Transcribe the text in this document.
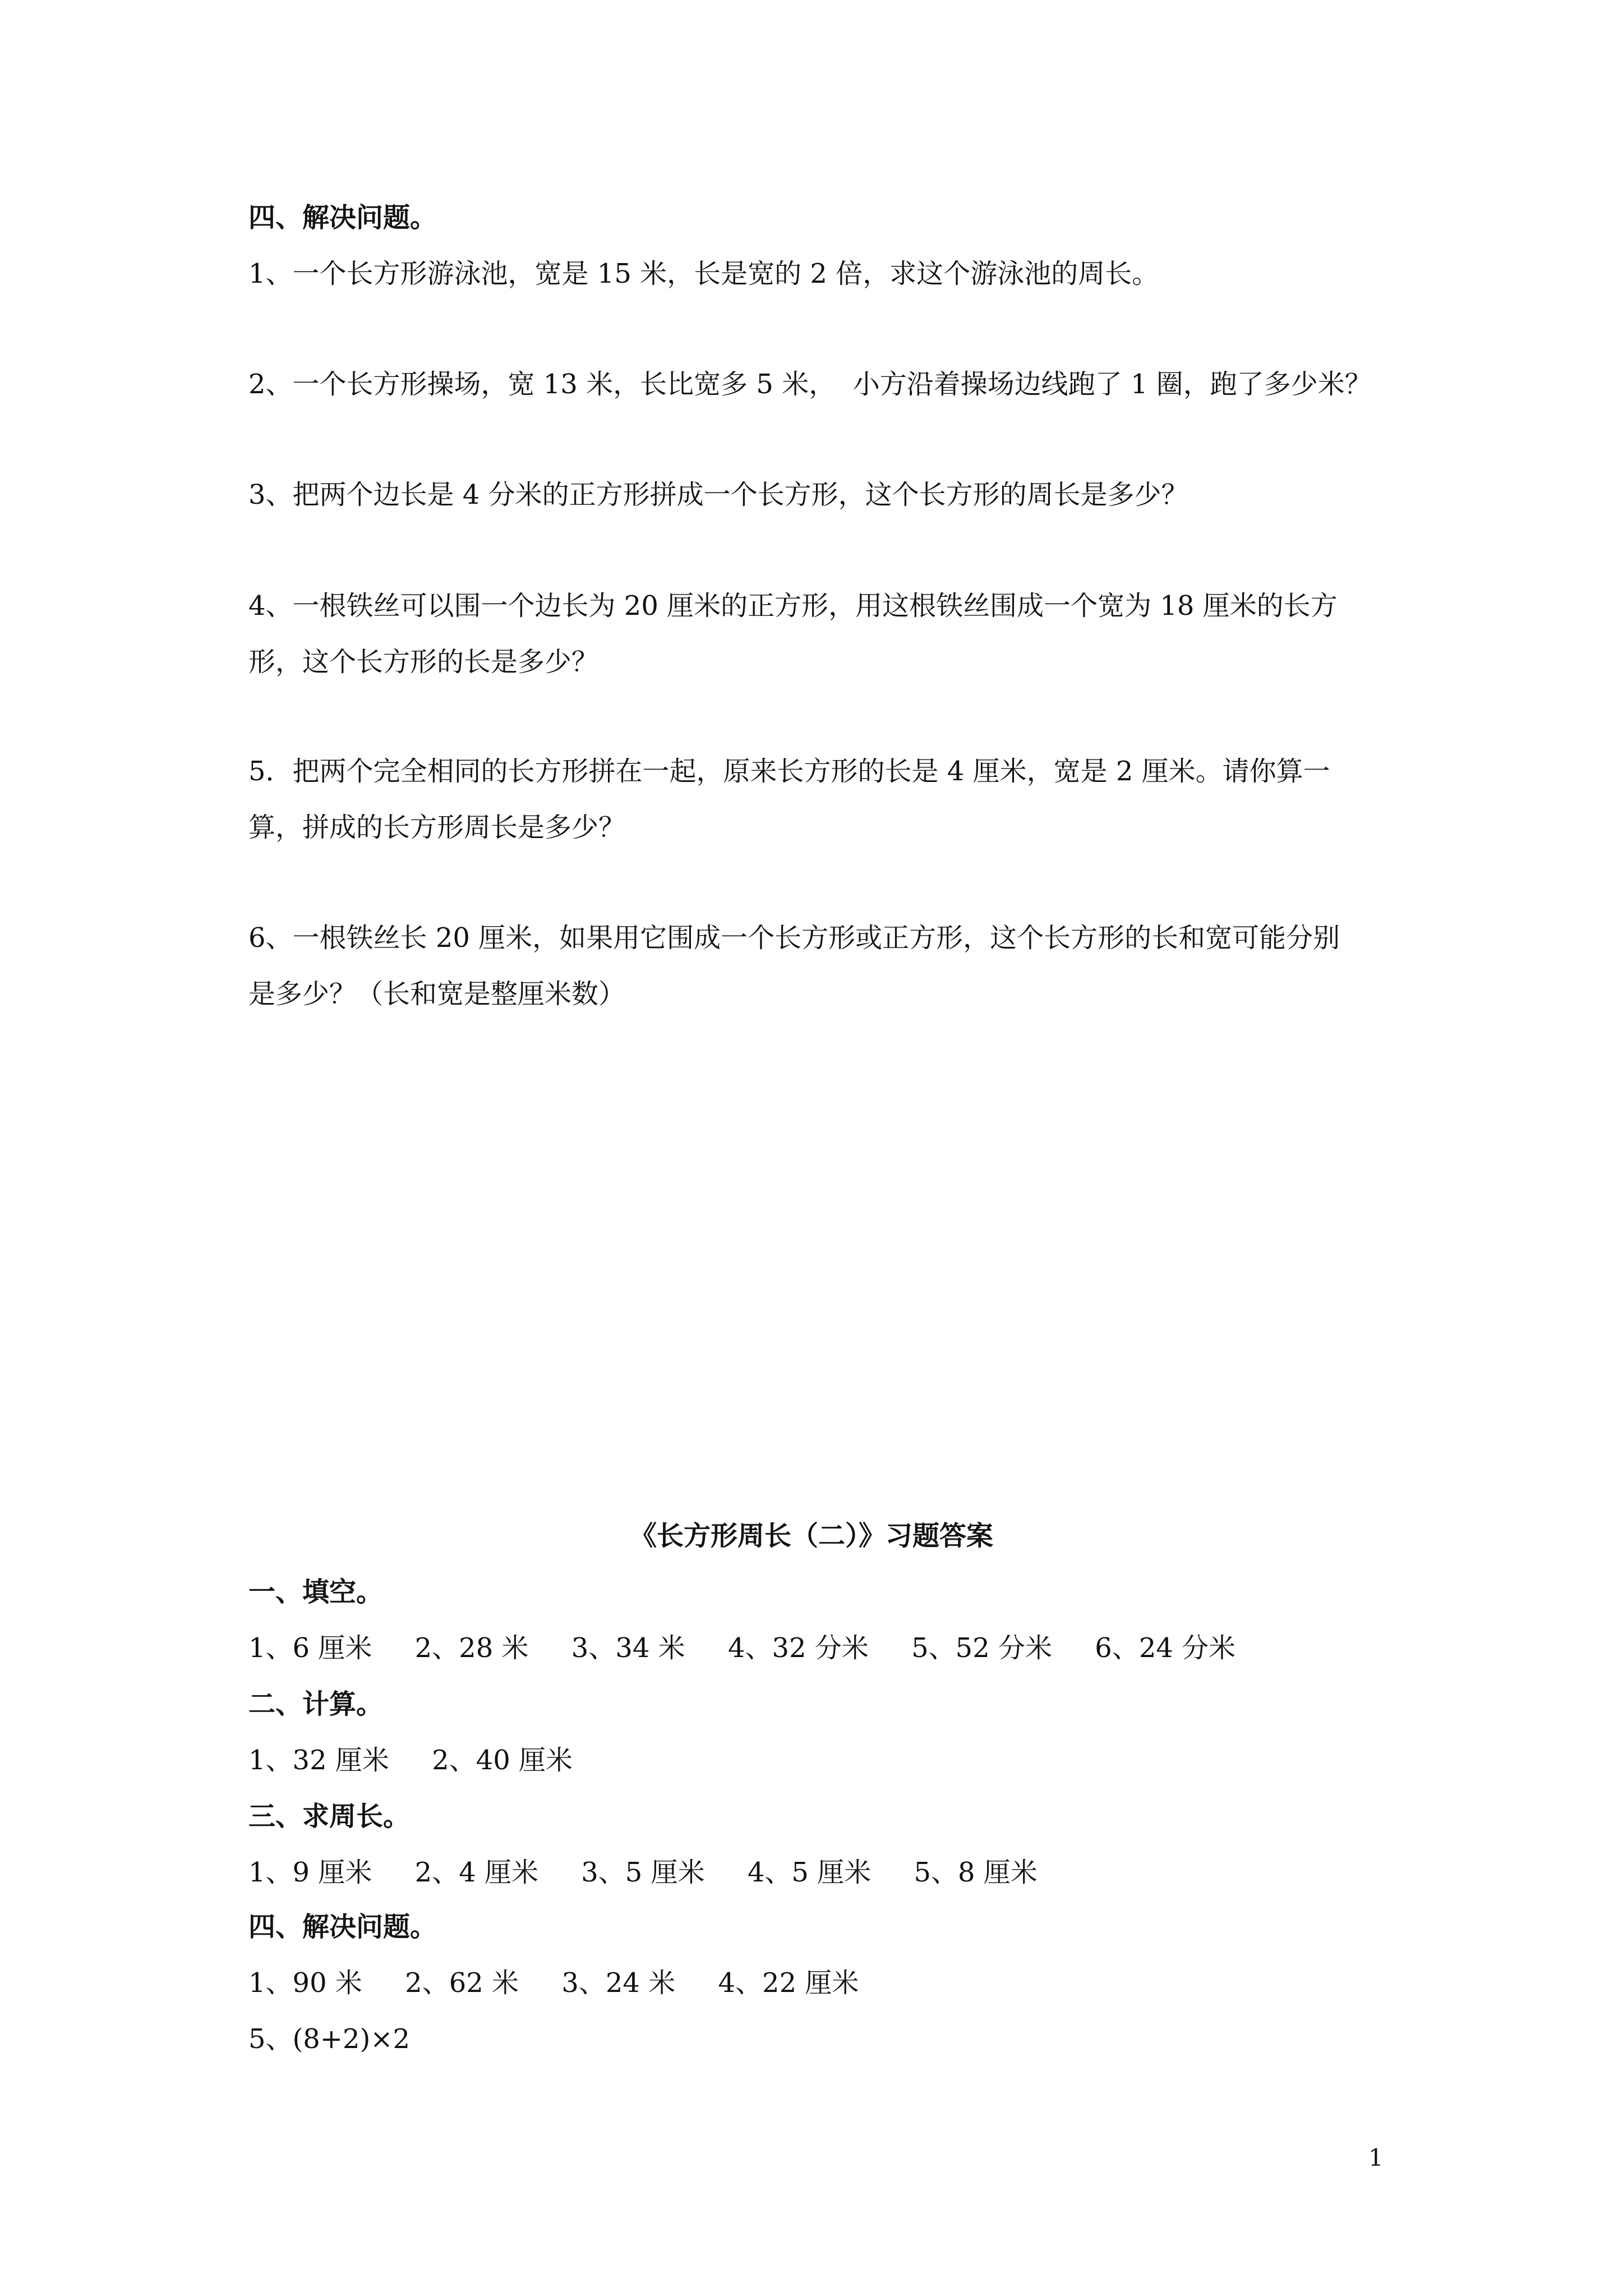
四、解决问题。
1、一个长方形游泳池，宽是 15 米，长是宽的 2 倍，求这个游泳池的周长。
2、一个长方形操场，宽 13 米，长比宽多 5 米，  小方沿着操场边线跑了 1 圈，跑了多少米？
3、把两个边长是 4 分米的正方形拼成一个长方形，这个长方形的周长是多少？
4、一根铁丝可以围一个边长为 20 厘米的正方形，用这根铁丝围成一个宽为 18 厘米的长方
形，这个长方形的长是多少？
5．把两个完全相同的长方形拼在一起，原来长方形的长是 4 厘米，宽是 2 厘米。请你算一
算，拼成的长方形周长是多少？
6、一根铁丝长 20 厘米，如果用它围成一个长方形或正方形，这个长方形的长和宽可能分别
是多少？（长和宽是整厘米数）
《长方形周长（二）》习题答案
一、填空。
1、6 厘米     2、28 米     3、34 米     4、32 分米     5、52 分米     6、24 分米
二、计算。
1、32 厘米     2、40 厘米
三、求周长。
1、9 厘米     2、4 厘米     3、5 厘米     4、5 厘米     5、8 厘米
四、解决问题。
1、90 米     2、62 米     3、24 米     4、22 厘米
5、(8+2)×2
1
